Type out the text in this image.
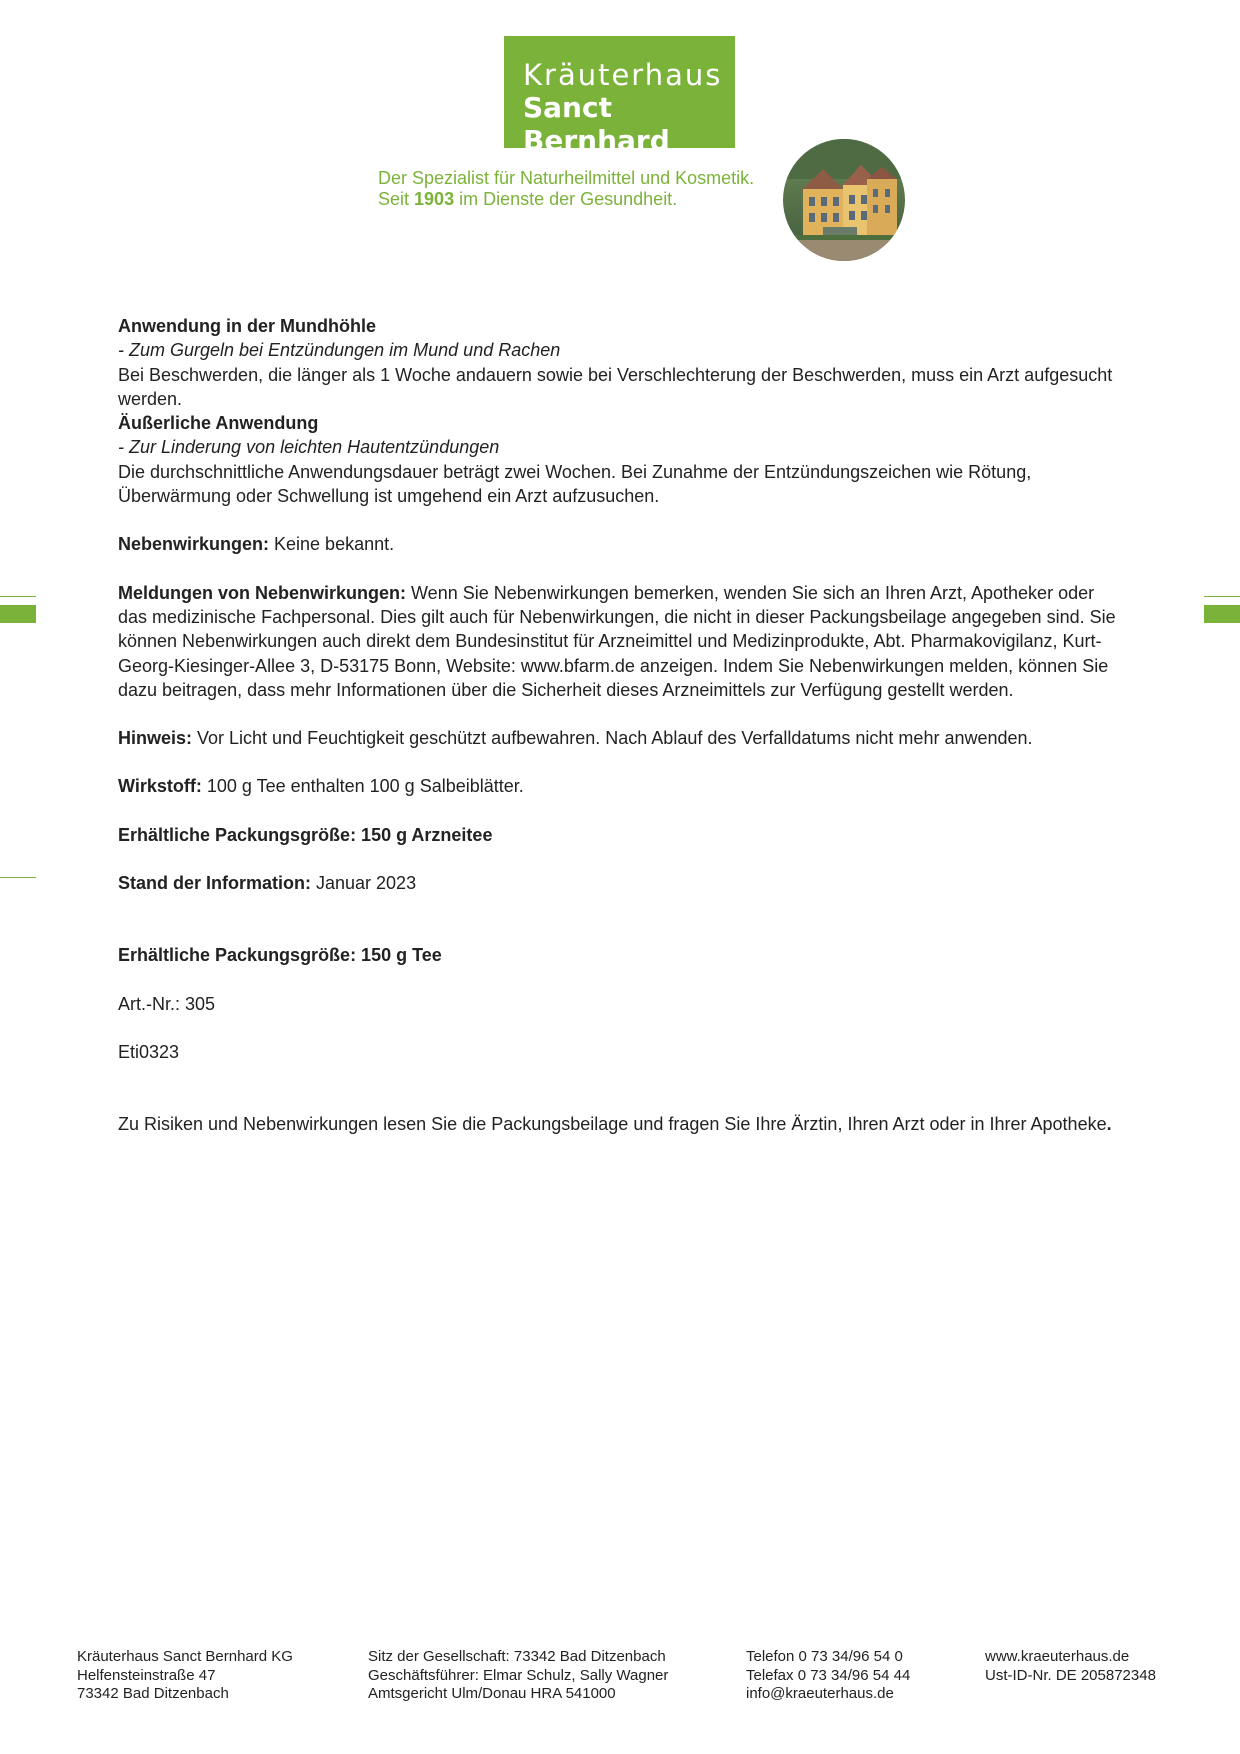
Kräuterhaus
Sanct Bernhard
Der Spezialist für Naturheilmittel und Kosmetik.
Seit 1903 im Dienste der Gesundheit.

Anwendung in der Mundhöhle

- Zum Gurgeln bei Entzündungen im Mund und Rachen

Bei Beschwerden, die länger als 1 Woche andauern sowie bei Verschlechterung der Beschwerden, muss ein Arzt aufgesucht werden.

Äußerliche Anwendung

- Zur Linderung von leichten Hautentzündungen

Die durchschnittliche Anwendungsdauer beträgt zwei Wochen. Bei Zunahme der Entzündungszeichen wie Rötung, Überwärmung oder Schwellung ist umgehend ein Arzt aufzusuchen.

Nebenwirkungen: Keine bekannt.

Meldungen von Nebenwirkungen: Wenn Sie Nebenwirkungen bemerken, wenden Sie sich an Ihren Arzt, Apotheker oder das medizinische Fachpersonal. Dies gilt auch für Nebenwirkungen, die nicht in dieser Packungsbeilage angegeben sind. Sie können Nebenwirkungen auch direkt dem Bundesinstitut für Arzneimittel und Medizinprodukte, Abt. Pharmakovigilanz, Kurt-Georg-Kiesinger-Allee 3, D-53175 Bonn, Website: www.bfarm.de anzeigen. Indem Sie Nebenwirkungen melden, können Sie dazu beitragen, dass mehr Informationen über die Sicherheit dieses Arzneimittels zur Verfügung gestellt werden.

Hinweis: Vor Licht und Feuchtigkeit geschützt aufbewahren. Nach Ablauf des Verfalldatums nicht mehr anwenden.

Wirkstoff: 100 g Tee enthalten 100 g Salbeiblätter.

Erhältliche Packungsgröße: 150 g Arzneitee

Stand der Information: Januar 2023

Erhältliche Packungsgröße: 150 g Tee

Art.-Nr.: 305

Eti0323

Zu Risiken und Nebenwirkungen lesen Sie die Packungsbeilage und fragen Sie Ihre Ärztin, Ihren Arzt oder in Ihrer Apotheke.

Kräuterhaus Sanct Bernhard KG
Helfensteinstraße 47
73342 Bad Ditzenbach
Sitz der Gesellschaft: 73342 Bad Ditzenbach
Geschäftsführer: Elmar Schulz, Sally Wagner
Amtsgericht Ulm/Donau HRA 541000
Telefon 0 73 34/96 54 0
Telefax 0 73 34/96 54 44
info@kraeuterhaus.de
www.kraeuterhaus.de
Ust-ID-Nr. DE 205872348
